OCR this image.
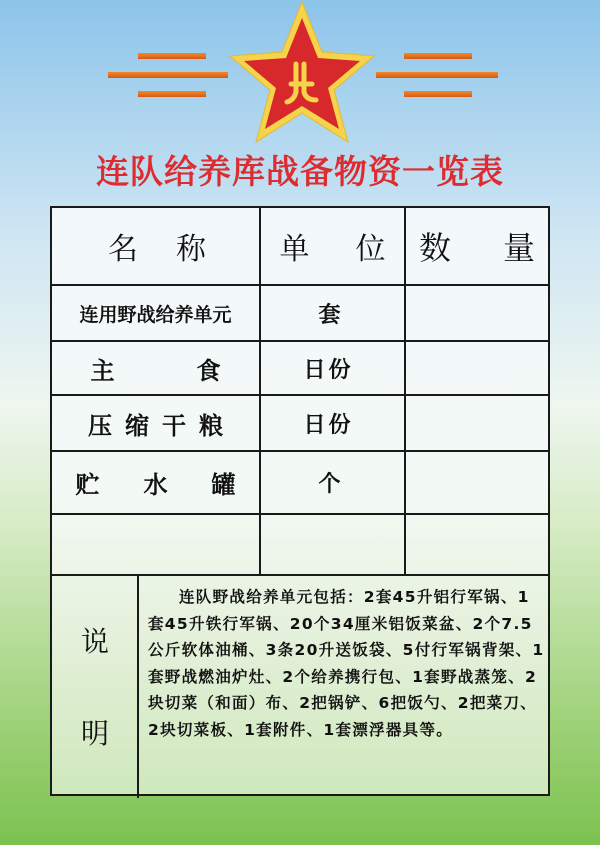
连队给养库战备物资一览表
名称 单位
数量
连用野战给养单元	套
主食 日份
压缩干粮	日份
贮水罐 个
说
明
连队野战给养单元包括：2套45升铝行军锅、1套45升铁行军锅、20个34厘米铝饭菜盆、2个7.5公斤软体油桶、3条20升送饭袋、5付行军锅背架、1套野战燃油炉灶、2个给养携行包、1套野战蒸笼、2块切菜（和面）布、2把锅铲、6把饭勺、2把菜刀、2块切菜板、1套附件、1套漂浮器具等。
